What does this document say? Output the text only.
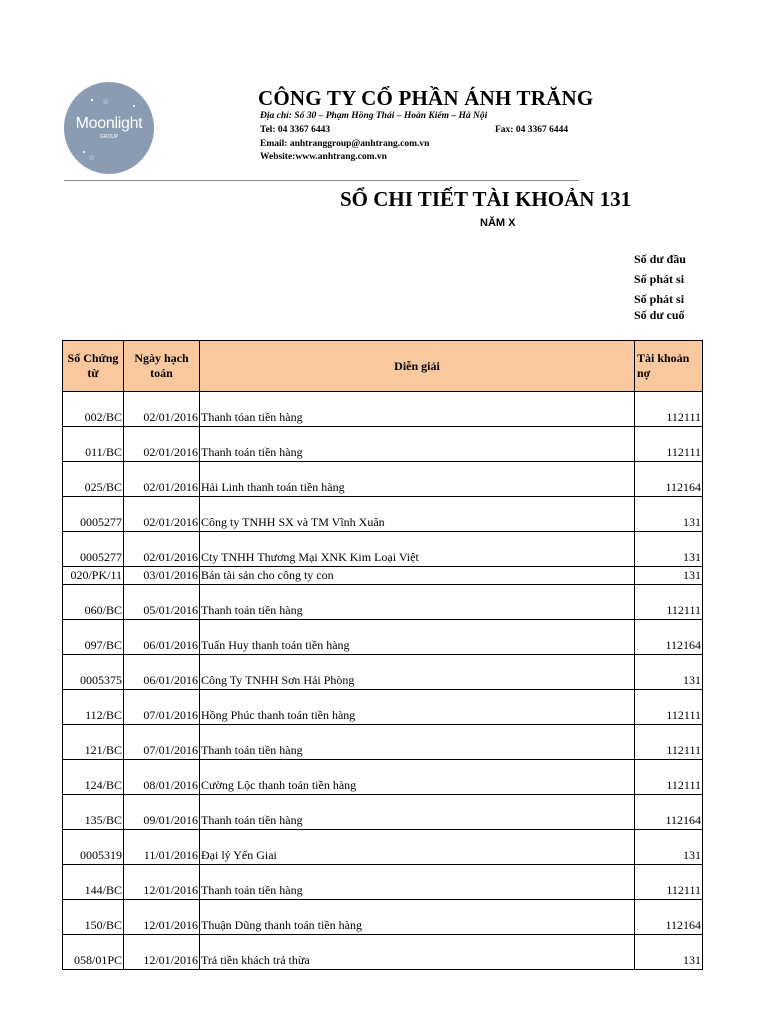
☆
☆
Moonlight
GROUP
CÔNG TY CỔ PHẦN ÁNH TRĂNG
Địa chỉ: Số 30 – Phạm Hồng Thái – Hoàn Kiếm – Hà Nội
Tel: 04 3367 6443	Fax: 04 3367 6444
Email: anhtranggroup@anhtrang.com.vn
Website:www.anhtrang.com.vn
SỔ CHI TIẾT TÀI KHOẢN 131
NĂM X
Số dư đầu
Số phát si
Số phát si
Số dư cuố
Số Chứng từ	Ngày hạch toán	Diễn giải	Tài khoản nợ
002/BC	02/01/2016	Thanh tóan tiền hàng	112111
011/BC	02/01/2016	Thanh toán tiền hàng	112111
025/BC	02/01/2016	Hải Linh thanh toán tiền hàng	112164
0005277	02/01/2016	Công ty TNHH SX và TM Vĩnh Xuân	131
0005277	02/01/2016	Cty TNHH Thương Mại XNK Kim Loại Việt	131
020/PK/11	03/01/2016	Bán tài sản cho công ty con	131
060/BC	05/01/2016	Thanh toán tiền hàng	112111
097/BC	06/01/2016	Tuấn Huy thanh toán tiền hàng	112164
0005375	06/01/2016	Công Ty TNHH Sơn Hải Phòng	131
112/BC	07/01/2016	Hồng Phúc thanh toán tiền hàng	112111
121/BC	07/01/2016	Thanh toán tiền hàng	112111
124/BC	08/01/2016	Cường Lộc thanh toán tiền hàng	112111
135/BC	09/01/2016	Thanh toán tiền hàng	112164
0005319	11/01/2016	Đại lý Yến Giai	131
144/BC	12/01/2016	Thanh toán tiền hàng	112111
150/BC	12/01/2016	Thuận Dũng thanh toán tiền hàng	112164
058/01PC	12/01/2016	Trả tiền khách trả thừa	131
